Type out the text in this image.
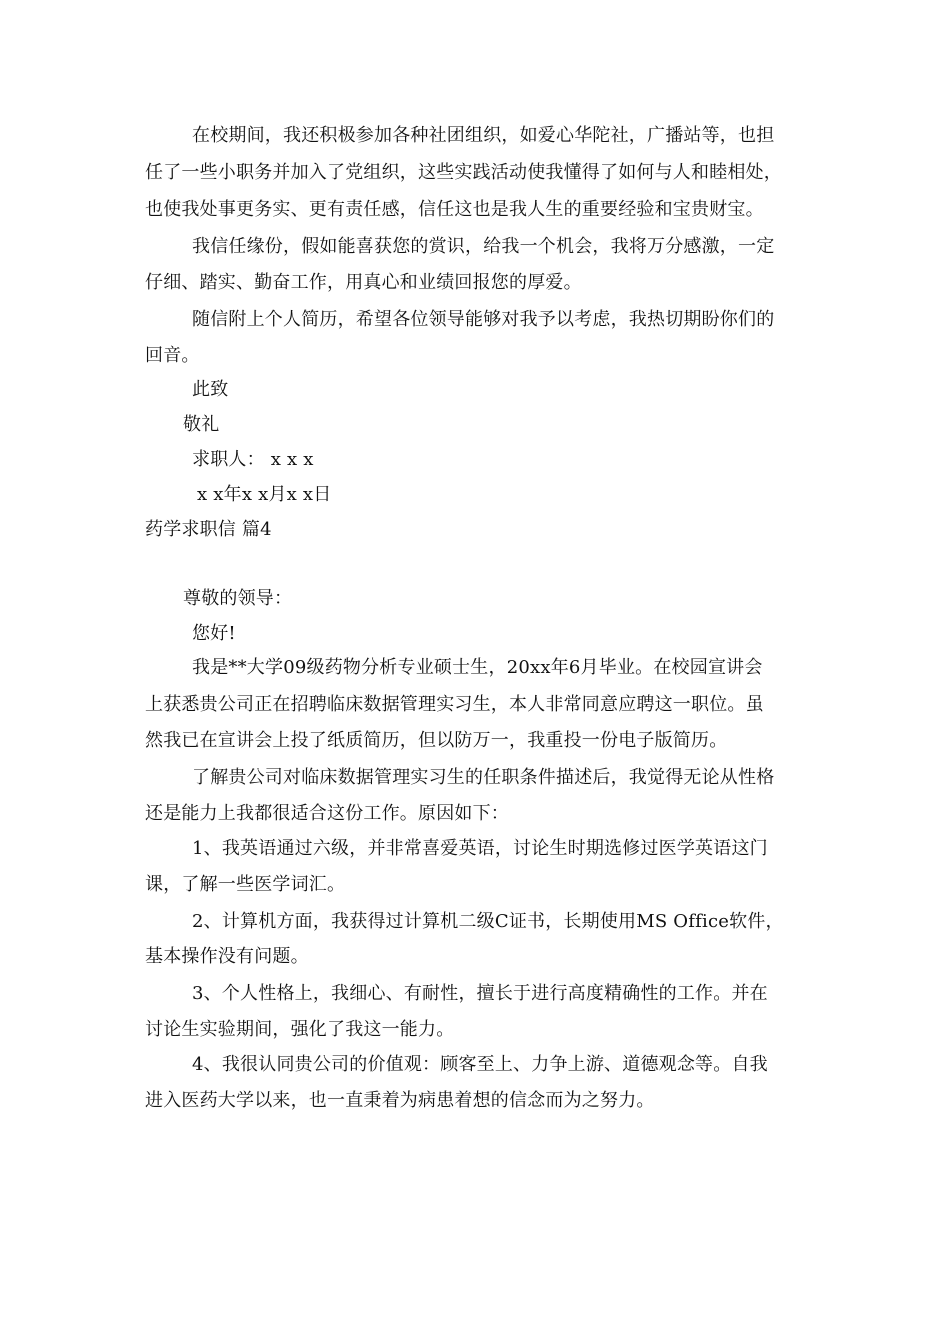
在校期间，我还积极参加各种社团组织，如爱心华陀社，广播站等，也担
任了一些小职务并加入了党组织，这些实践活动使我懂得了如何与人和睦相处，
也使我处事更务实、更有责任感，信任这也是我人生的重要经验和宝贵财宝。
我信任缘份，假如能喜获您的赏识，给我一个机会，我将万分感激，一定
仔细、踏实、勤奋工作，用真心和业绩回报您的厚爱。
随信附上个人简历，希望各位领导能够对我予以考虑，我热切期盼你们的
回音。
此致
敬礼
求职人： x x x
x x年x x月x x日
药学求职信 篇4
尊敬的领导：
您好!
我是**大学09级药物分析专业硕士生，20xx年6月毕业。在校园宣讲会
上获悉贵公司正在招聘临床数据管理实习生，本人非常同意应聘这一职位。虽
然我已在宣讲会上投了纸质简历，但以防万一，我重投一份电子版简历。
了解贵公司对临床数据管理实习生的任职条件描述后，我觉得无论从性格
还是能力上我都很适合这份工作。原因如下：
1、我英语通过六级，并非常喜爱英语，讨论生时期选修过医学英语这门
课，了解一些医学词汇。
2、计算机方面，我获得过计算机二级C证书，长期使用MS Office软件，
基本操作没有问题。
3、个人性格上，我细心、有耐性，擅长于进行高度精确性的工作。并在
讨论生实验期间，强化了我这一能力。
4、我很认同贵公司的价值观：顾客至上、力争上游、道德观念等。自我
进入医药大学以来，也一直秉着为病患着想的信念而为之努力。
